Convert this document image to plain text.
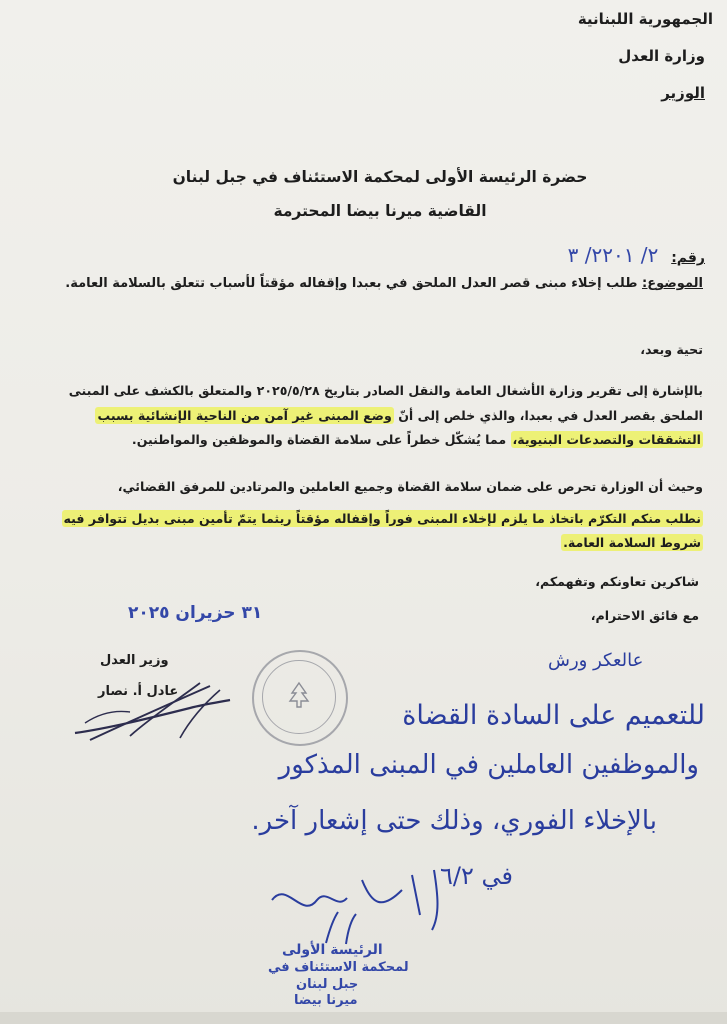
الجمهورية اللبنانية
وزارة العدل
الوزير
حضرة الرئيسة الأولى لمحكمة الاستئناف في جبل لبنان
القاضية ميرنا بيضا المحترمة
رقم: ٢/ ٢٢٠١/ ٣
الموضوع: طلب إخلاء مبنى قصر العدل الملحق في بعبدا وإقفاله مؤقتاً لأسباب تتعلق بالسلامة العامة.
تحية وبعد،
بالإشارة إلى تقرير وزارة الأشغال العامة والنقل الصادر بتاريخ ٢٠٢٥/٥/٢٨ والمتعلق بالكشف على المبنى
الملحق بقصر العدل في بعبدا، والذي خلص إلى أنّ وضع المبنى غير آمن من الناحية الإنشائية بسبب
التشققات والتصدعات البنيوية، مما يُشكّل خطراً على سلامة القضاة والموظفين والمواطنين.
وحيث أن الوزارة تحرص على ضمان سلامة القضاة وجميع العاملين والمرتادين للمرفق القضائي،
نطلب منكم التكرّم باتخاذ ما يلزم لإخلاء المبنى فوراً وإقفاله مؤقتاً ريثما يتمّ تأمين مبنى بديل تتوافر فيه
شروط السلامة العامة.
شاكرين تعاونكم وتفهمكم،
مع فائق الاحترام،
٣١ حزيران ٢٠٢٥
وزير العدل
عادل أ. نصار
عالعكر ورش
للتعميم على السادة القضاة
والموظفين العاملين في المبنى المذكور
بالإخلاء الفوري، وذلك حتى إشعار آخر.
في ٦/٢
الرئيسة الأولى
لمحكمة الاستئناف في
جبل لبنان
ميرنا بيضا
